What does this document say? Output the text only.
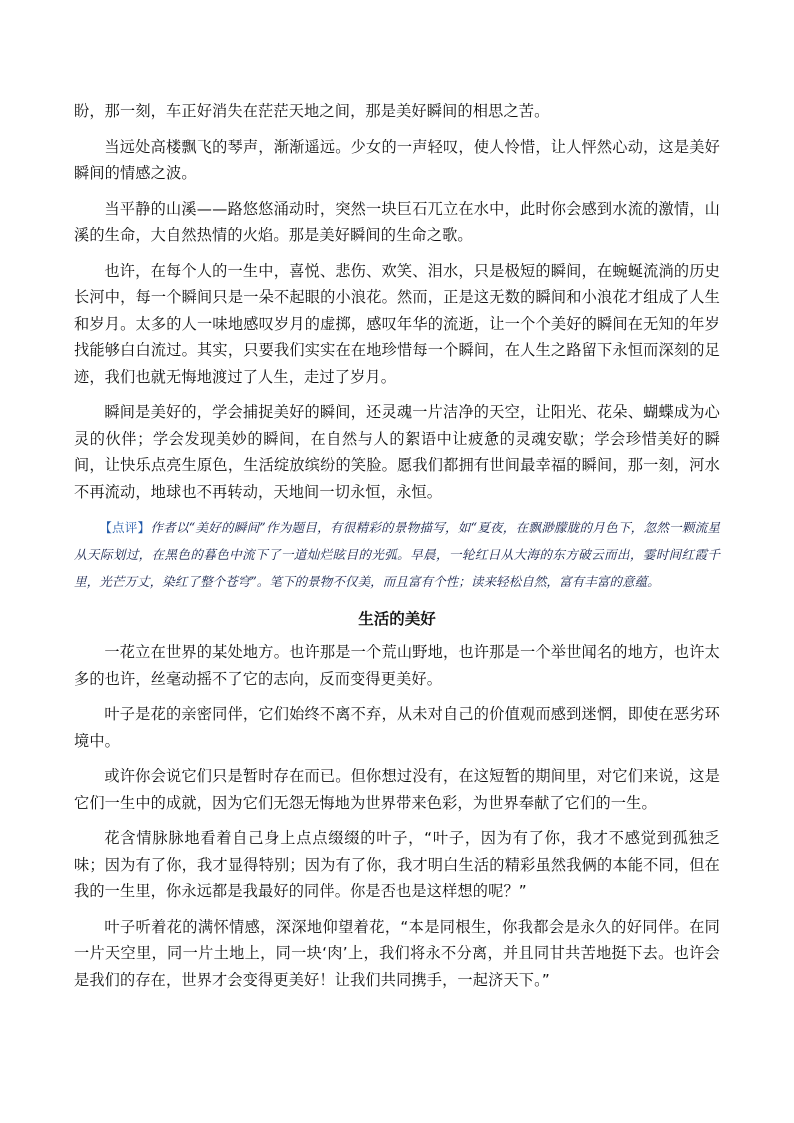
盼，那一刻，车正好消失在茫茫天地之间，那是美好瞬间的相思之苦。

当远处高楼飘飞的琴声，渐渐遥远。少女的一声轻叹，使人怜惜，让人怦然心动，这是美好瞬间的情感之波。

当平静的山溪——路悠悠涌动时，突然一块巨石兀立在水中，此时你会感到水流的激情，山溪的生命，大自然热情的火焰。那是美好瞬间的生命之歌。

也许，在每个人的一生中，喜悦、悲伤、欢笑、泪水，只是极短的瞬间，在蜿蜒流淌的历史长河中，每一个瞬间只是一朵不起眼的小浪花。然而，正是这无数的瞬间和小浪花才组成了人生和岁月。太多的人一味地感叹岁月的虚掷，感叹年华的流逝，让一个个美好的瞬间在无知的年岁找能够白白流过。其实，只要我们实实在在地珍惜每一个瞬间，在人生之路留下永恒而深刻的足迹，我们也就无悔地渡过了人生，走过了岁月。

瞬间是美好的，学会捕捉美好的瞬间，还灵魂一片洁净的天空，让阳光、花朵、蝴蝶成为心灵的伙伴；学会发现美妙的瞬间，在自然与人的絮语中让疲惫的灵魂安歇；学会珍惜美好的瞬间，让快乐点亮生原色，生活绽放缤纷的笑脸。愿我们都拥有世间最幸福的瞬间，那一刻，河水不再流动，地球也不再转动，天地间一切永恒，永恒。

【点评】作者以“美好的瞬间”作为题目，有很精彩的景物描写，如“夏夜，在飘渺朦胧的月色下，忽然一颗流星从天际划过，在黑色的暮色中流下了一道灿烂眩目的光弧。早晨，一轮红日从大海的东方破云而出，霎时间红霞千里，光芒万丈，染红了整个苍穹”。笔下的景物不仅美，而且富有个性；读来轻松自然，富有丰富的意蕴。
生活的美好

一花立在世界的某处地方。也许那是一个荒山野地，也许那是一个举世闻名的地方，也许太多的也许，丝毫动摇不了它的志向，反而变得更美好。

叶子是花的亲密同伴，它们始终不离不弃，从未对自己的价值观而感到迷惘，即使在恶劣环境中。

或许你会说它们只是暂时存在而已。但你想过没有，在这短暂的期间里，对它们来说，这是它们一生中的成就，因为它们无怨无悔地为世界带来色彩，为世界奉献了它们的一生。

花含情脉脉地看着自己身上点点缀缀的叶子，“叶子，因为有了你，我才不感觉到孤独乏味；因为有了你，我才显得特别；因为有了你，我才明白生活的精彩虽然我俩的本能不同，但在我的一生里，你永远都是我最好的同伴。你是否也是这样想的呢？”

叶子听着花的满怀情感，深深地仰望着花，“本是同根生，你我都会是永久的好同伴。在同一片天空里，同一片土地上，同一块‘肉’上，我们将永不分离，并且同甘共苦地挺下去。也许会是我们的存在，世界才会变得更美好！让我们共同携手，一起济天下。”
